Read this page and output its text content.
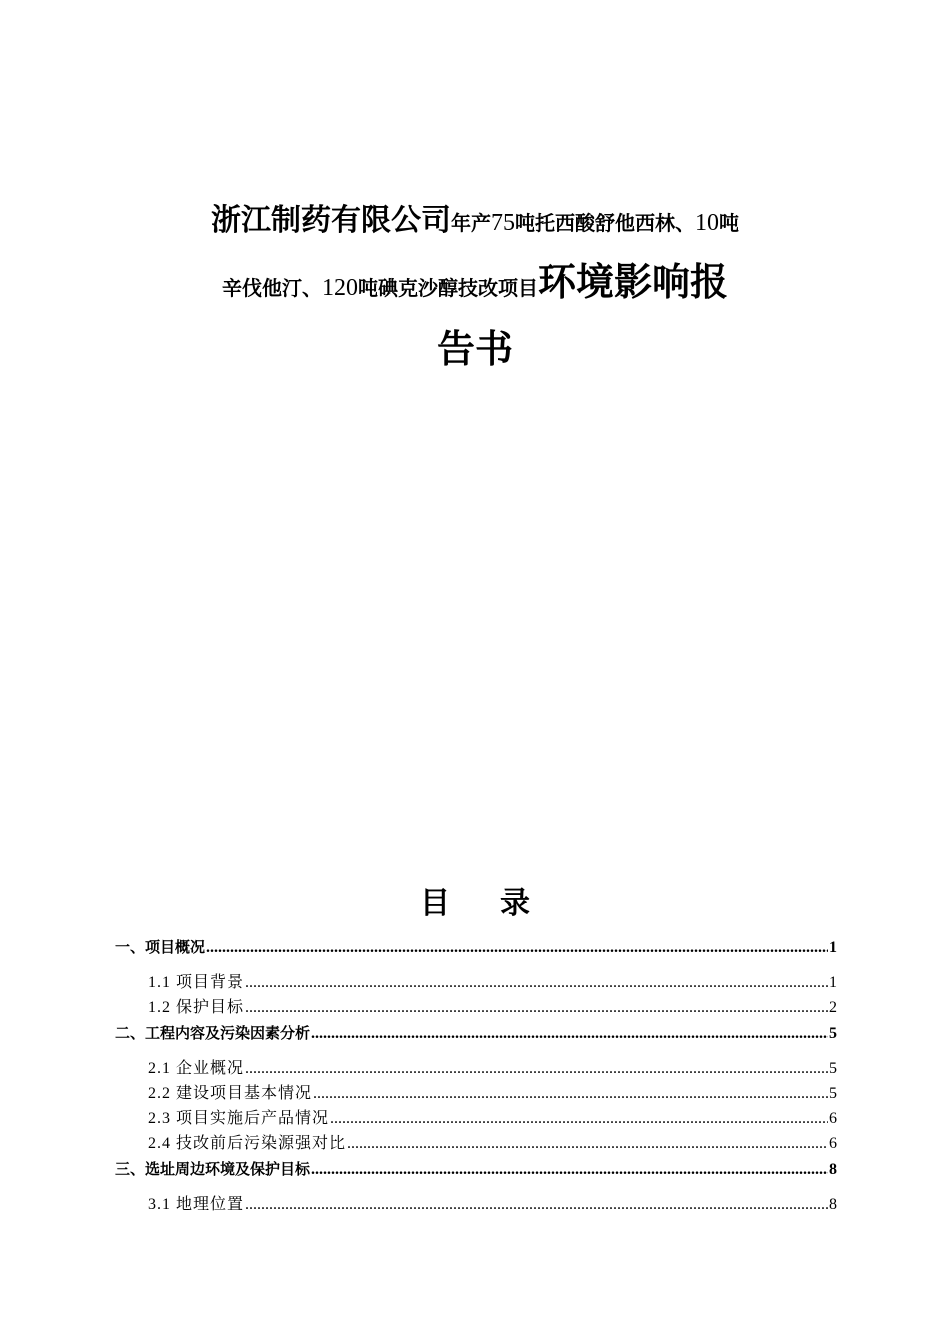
浙江制药有限公司年产75吨托西酸舒他西林、10吨
辛伐他汀、120吨碘克沙醇技改项目环境影响报
告书
目录
一、项目概况 .....	1
1.1 项目背景 .....	1
1.2 保护目标 .....	2
二、工程内容及污染因素分析 .....	5
2.1 企业概况 .....	5
2.2 建设项目基本情况 .....	5
2.3 项目实施后产品情况 .....	6
2.4 技改前后污染源强对比 .....	6
三、选址周边环境及保护目标 .....	8
3.1 地理位置 .....	8
